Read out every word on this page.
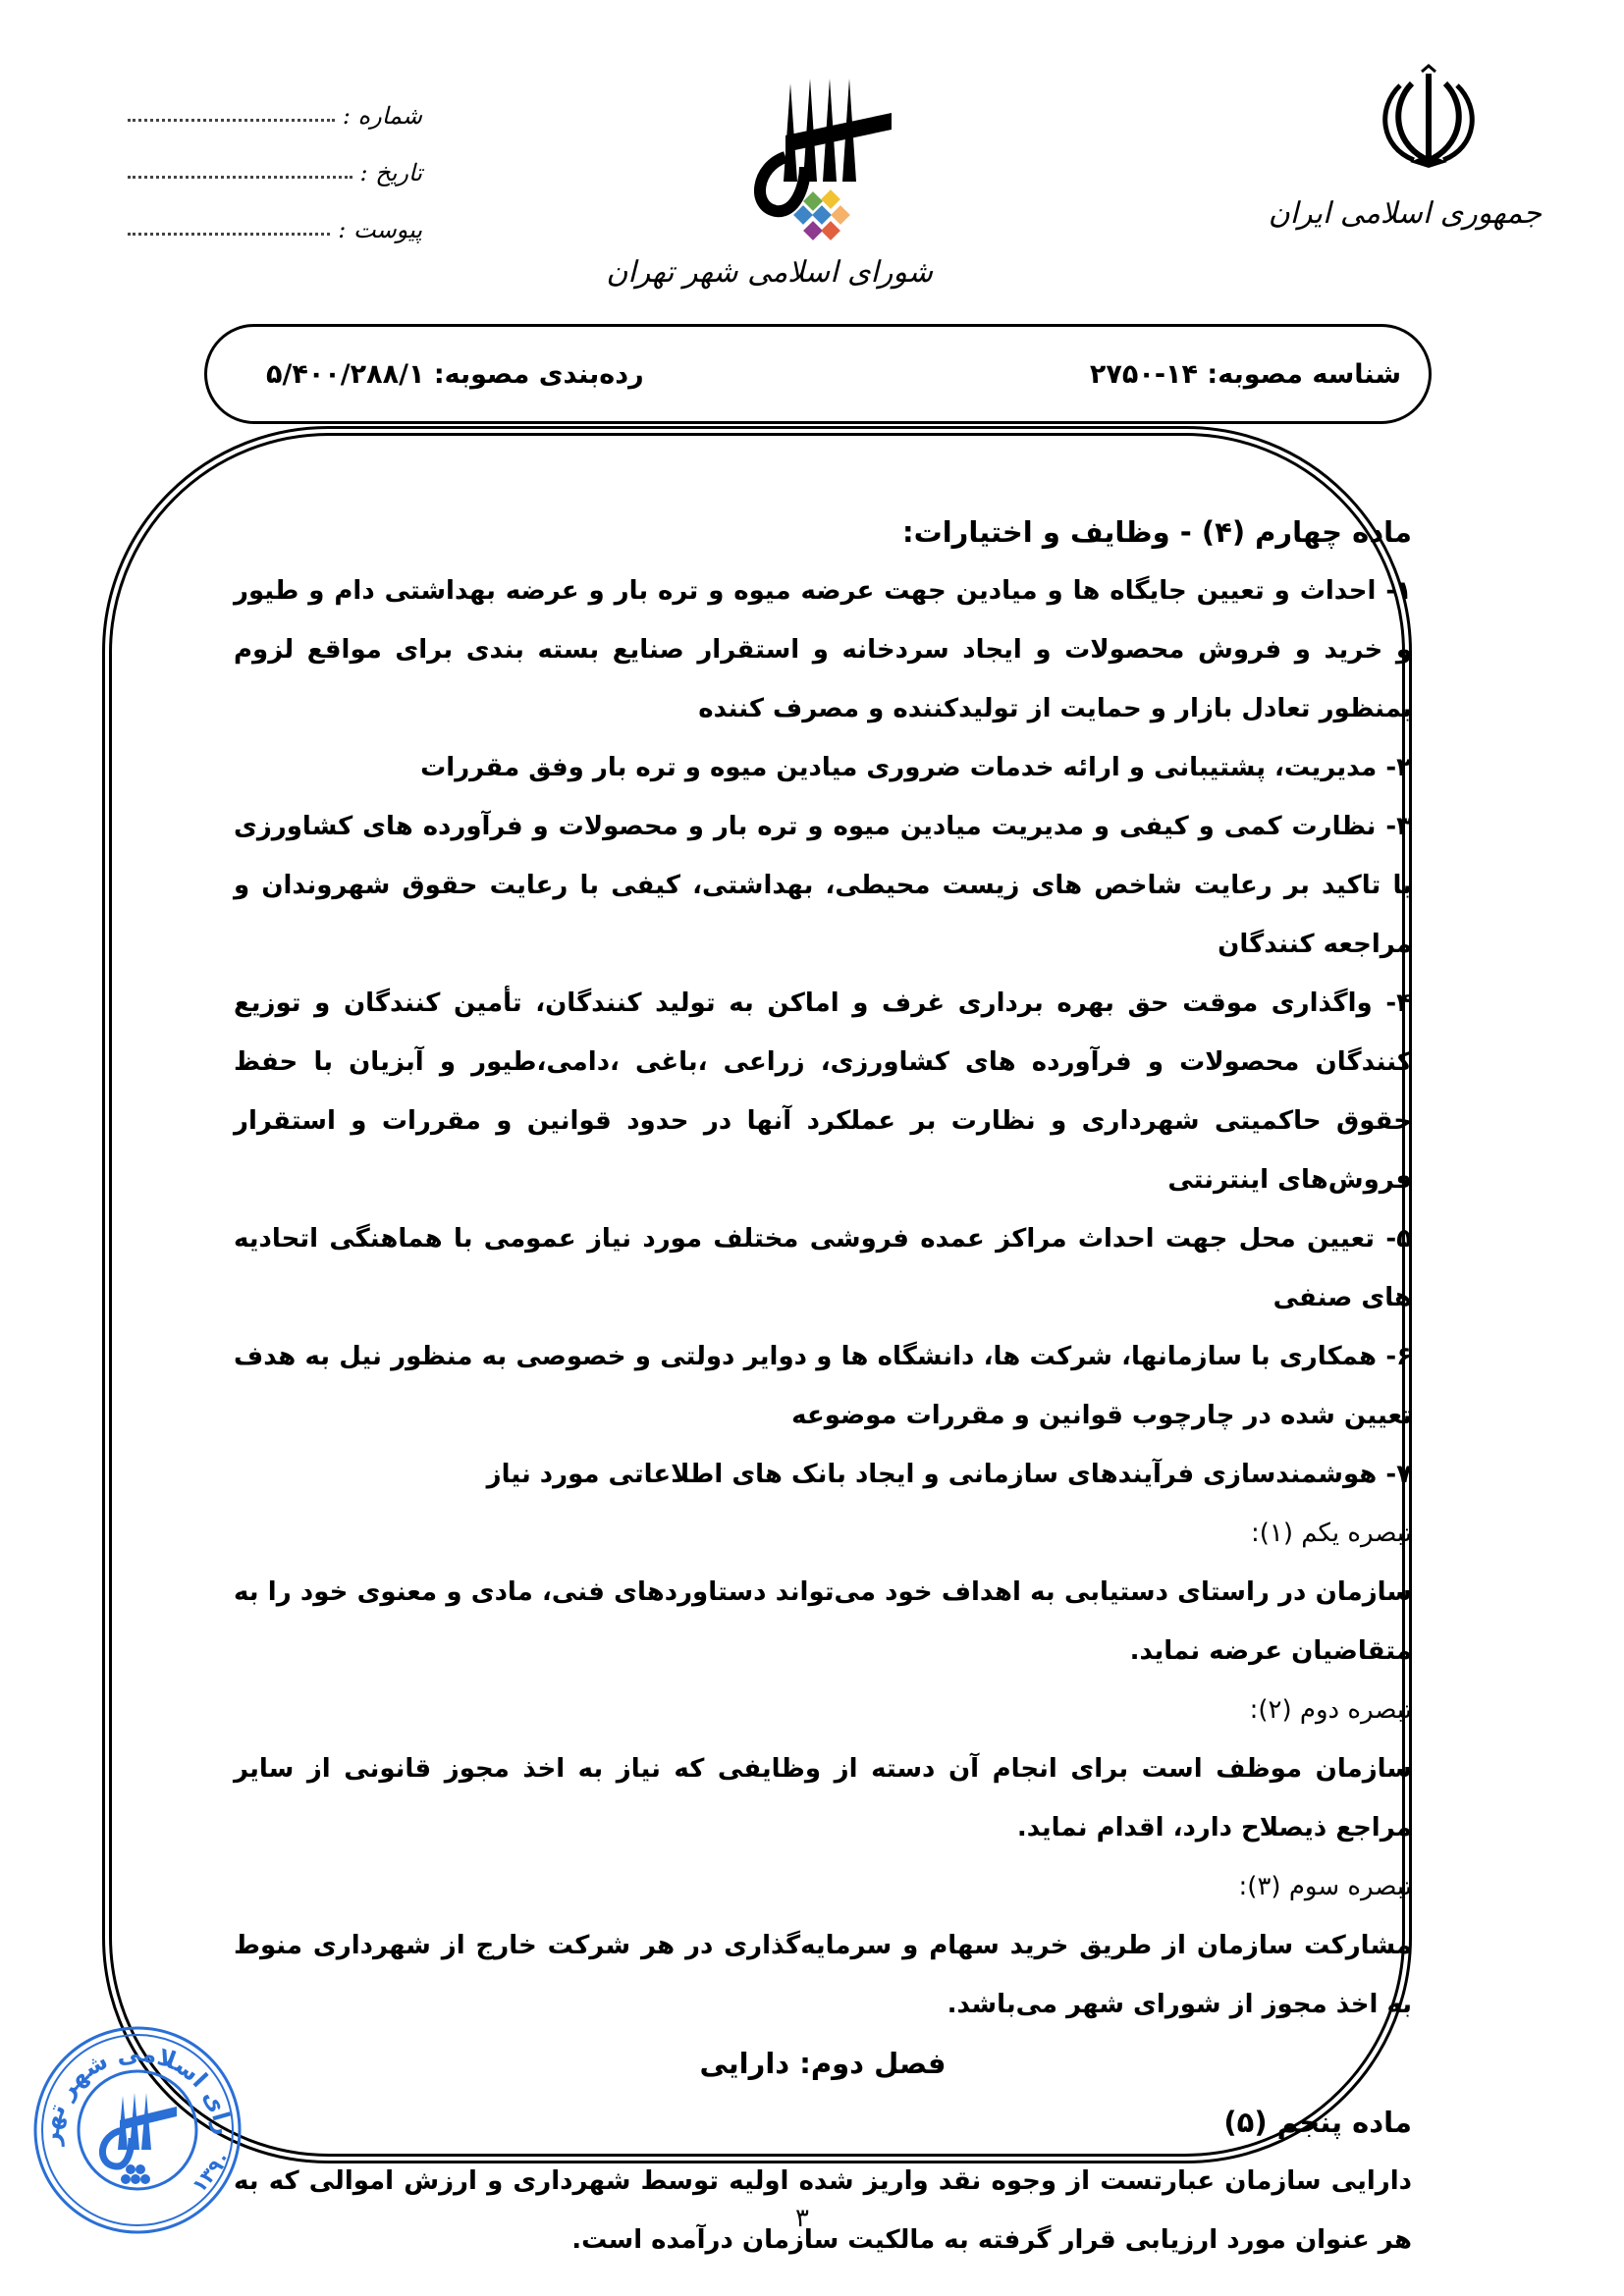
شماره :
تاریخ :
پیوست :
شورای اسلامی شهر تهران
جمهوری اسلامی ایران
شناسه مصوبه: ۱۴-۲۷۵۰
رده‌بندی مصوبه: ۵/۴۰۰/۲۸۸/۱

ماده چهارم (۴) - وظایف و اختیارات:

۱- احداث و تعیین جایگاه ها و میادین جهت عرضه میوه و تره بار و عرضه بهداشتی دام و طیور و خرید و فروش محصولات و ایجاد سردخانه و استقرار صنایع بسته بندی برای مواقع لزوم بمنظور تعادل بازار و حمایت از تولیدکننده و مصرف کننده

۲- مدیریت، پشتیبانی و ارائه خدمات ضروری میادین میوه و تره بار وفق مقررات

۳- نظارت کمی و کیفی و مدیریت میادین میوه و تره بار و محصولات و فرآورده های کشاورزی با تاکید بر رعایت شاخص های زیست محیطی، بهداشتی، کیفی با رعایت حقوق شهروندان و مراجعه کنندگان

۴- واگذاری موقت حق بهره برداری غرف و اماکن به تولید کنندگان، تأمین کنندگان و توزیع کنندگان محصولات و فرآورده های کشاورزی، زراعی ،باغی ،دامی،طیور و آبزیان با حفظ حقوق حاکمیتی شهرداری و نظارت بر عملکرد آنها در حدود قوانین و مقررات و استقرار فروش‌های اینترنتی

۵- تعیین محل جهت احداث مراکز عمده فروشی مختلف مورد نیاز عمومی با هماهنگی اتحادیه های صنفی

۶- همکاری با سازمانها، شرکت ها، دانشگاه ها و دوایر دولتی و خصوصی به منظور نیل به هدف تعیین شده در چارچوب قوانین و مقررات موضوعه

۷- هوشمندسازی فرآیندهای سازمانی و ایجاد بانک های اطلاعاتی مورد نیاز

تبصره یکم (۱):

سازمان در راستای دستیابی به اهداف خود می‌تواند دستاوردهای فنی، مادی و معنوی خود را به متقاضیان عرضه نماید.

تبصره دوم (۲):

سازمان موظف است برای انجام آن دسته از وظایفی که نیاز به اخذ مجوز قانونی از سایر مراجع ذیصلاح دارد، اقدام نماید.

تبصره سوم (۳):

مشارکت سازمان از طریق خرید سهام و سرمایه‌گذاری در هر شرکت خارج از شهرداری منوط به اخذ مجوز از شورای شهر می‌باشد.

فصل دوم: دارایی

ماده پنجم (۵)

دارایی سازمان عبارتست از وجوه نقد واریز شده اولیه توسط شهرداری و ارزش اموالی که به هر عنوان مورد ارزیابی قرار گرفته به مالکیت سازمان درآمده است.

رای اسلامی شهر تهر
۱۳۹۰
۳
